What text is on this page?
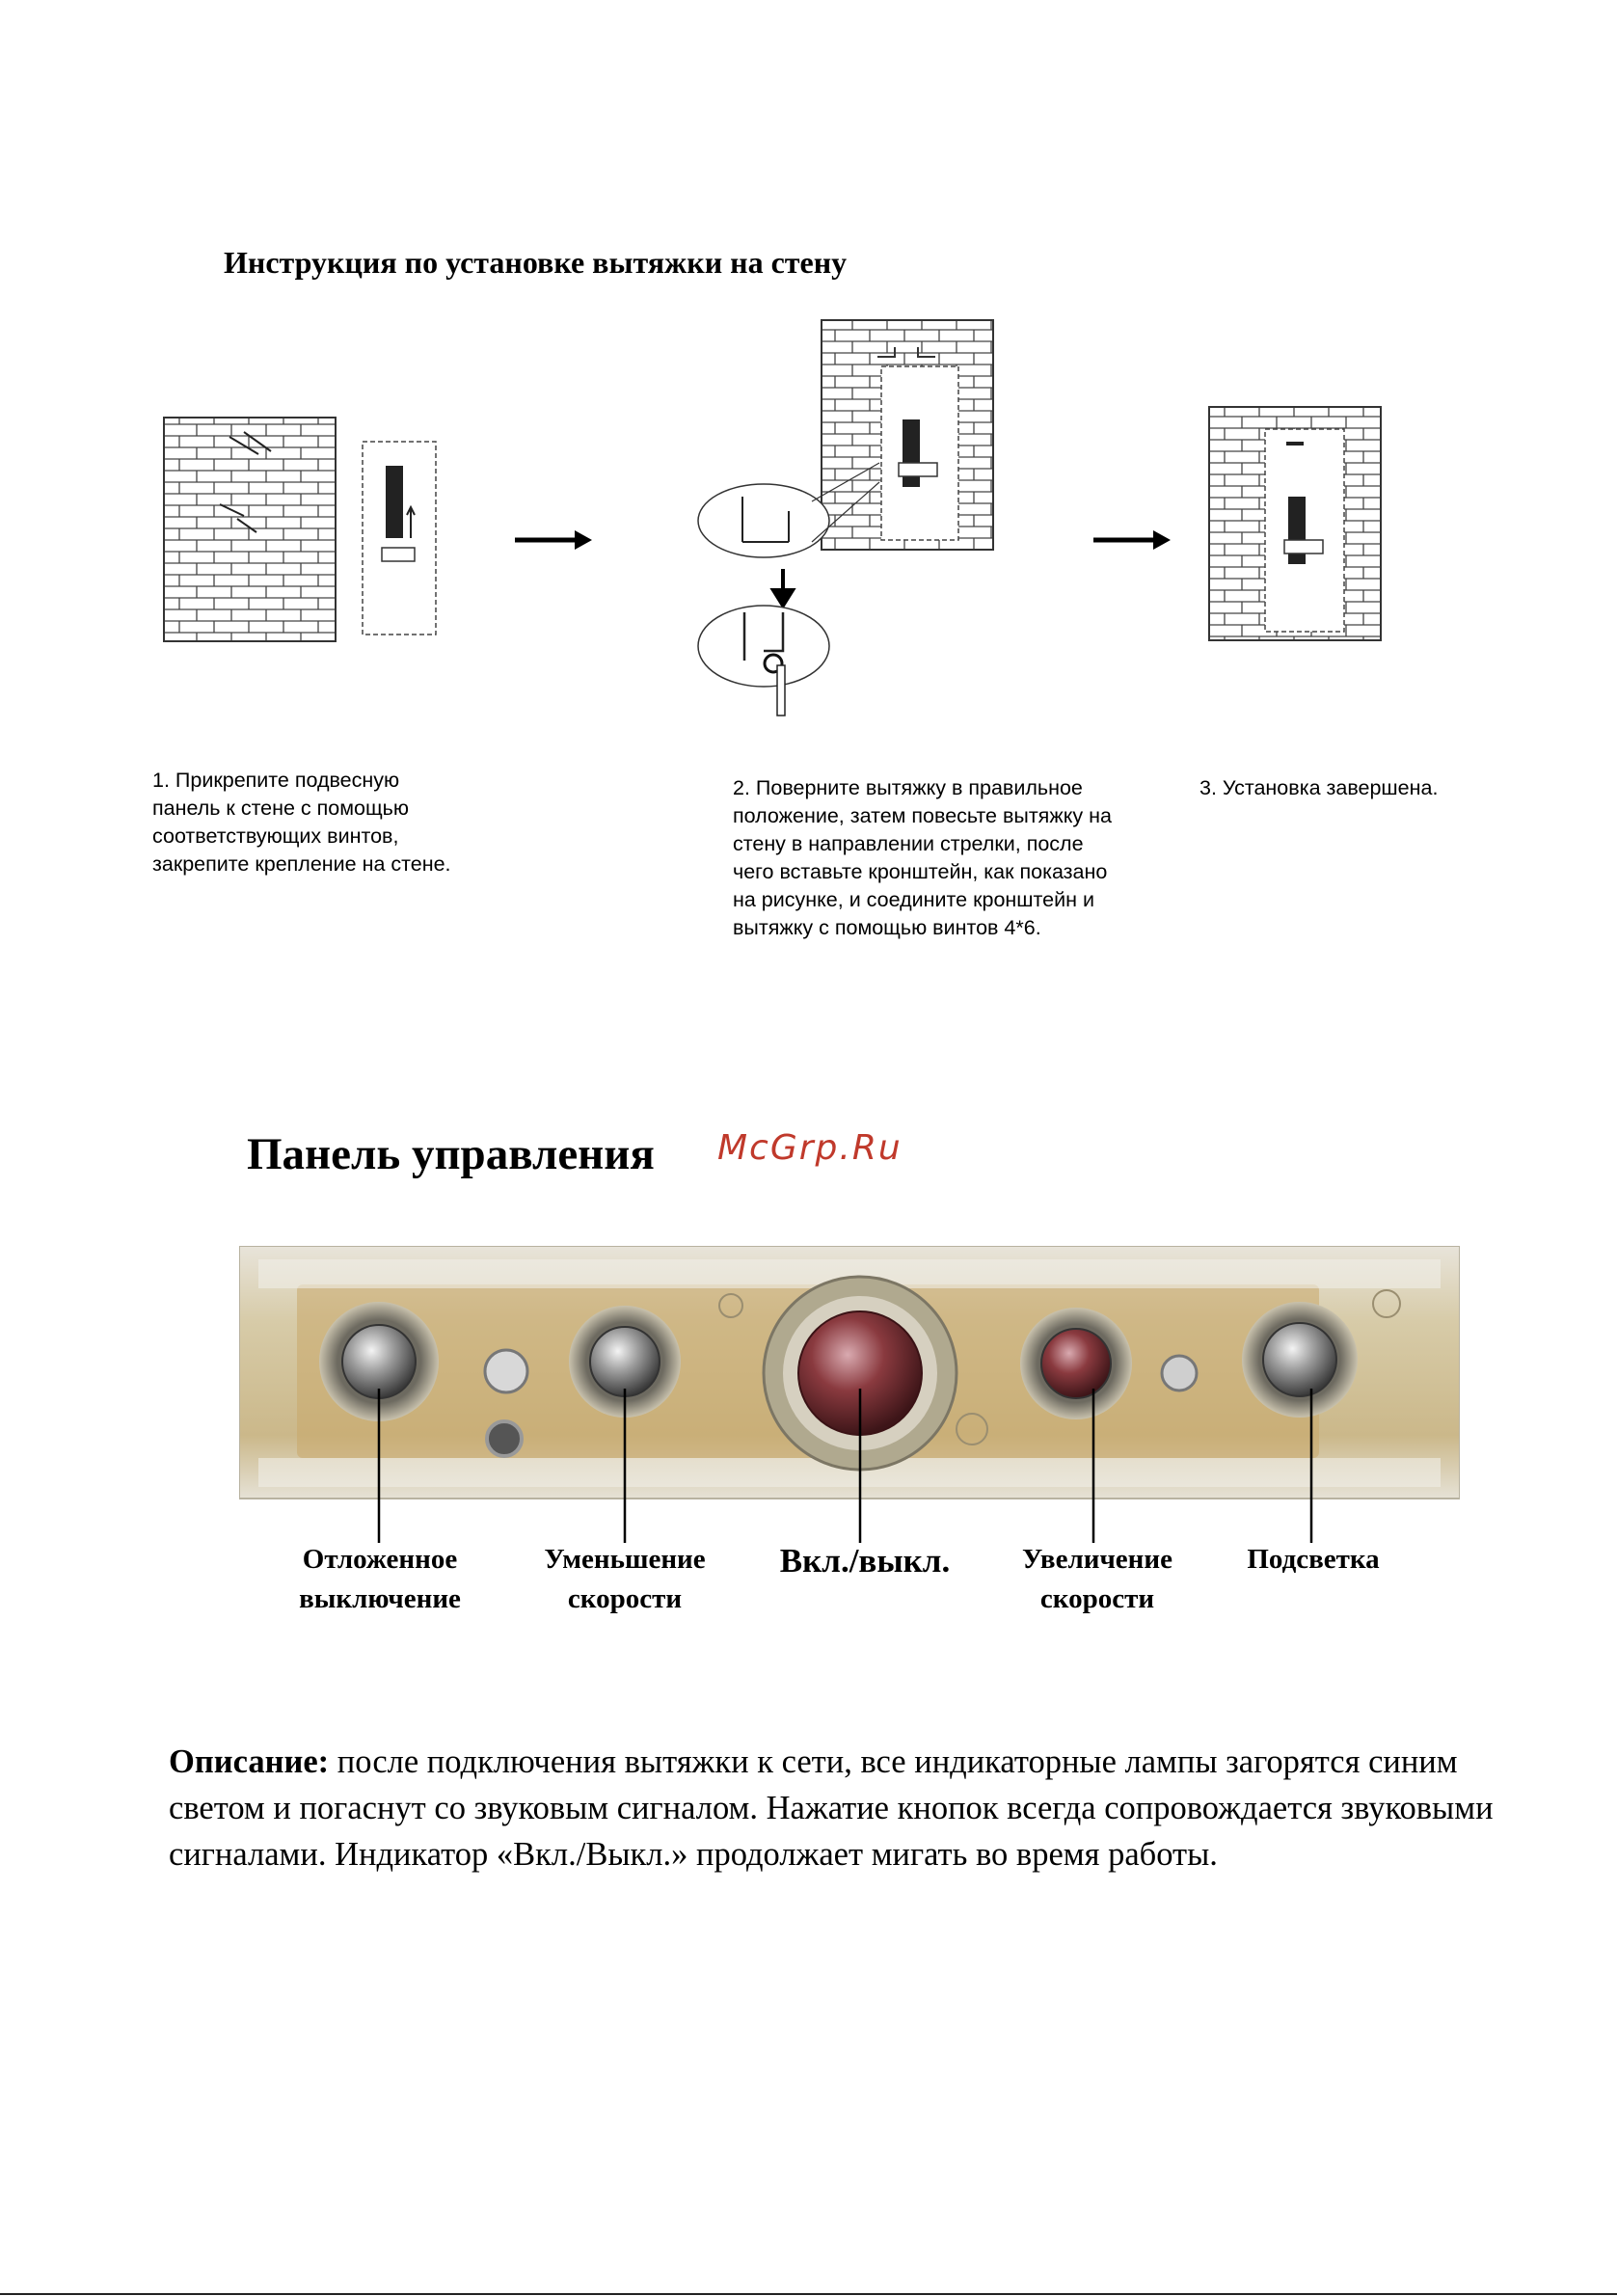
Инструкция по установке вытяжки на стену
1. Прикрепите подвесную панель к стене с помощью соответствующих винтов, закрепите крепление на стене.
2. Поверните вытяжку в правильное положение, затем повесьте вытяжку на стену в направлении стрелки, после чего вставьте кронштейн, как показано на рисунке, и соедините кронштейн и вытяжку с помощью винтов 4*6.
3. Установка завершена.
Панель управления McGrp.Ru
Отложенное
выключение
Уменьшение
скорости
Вкл./выкл.	Увеличение
скорости
Подсветка
Описание: после подключения вытяжки к сети, все индикаторные лампы загорятся синим светом и погаснут со звуковым сигналом. Нажатие кнопок всегда сопровождается звуковыми сигналами. Индикатор «Вкл./Выкл.» продолжает мигать во время работы.
